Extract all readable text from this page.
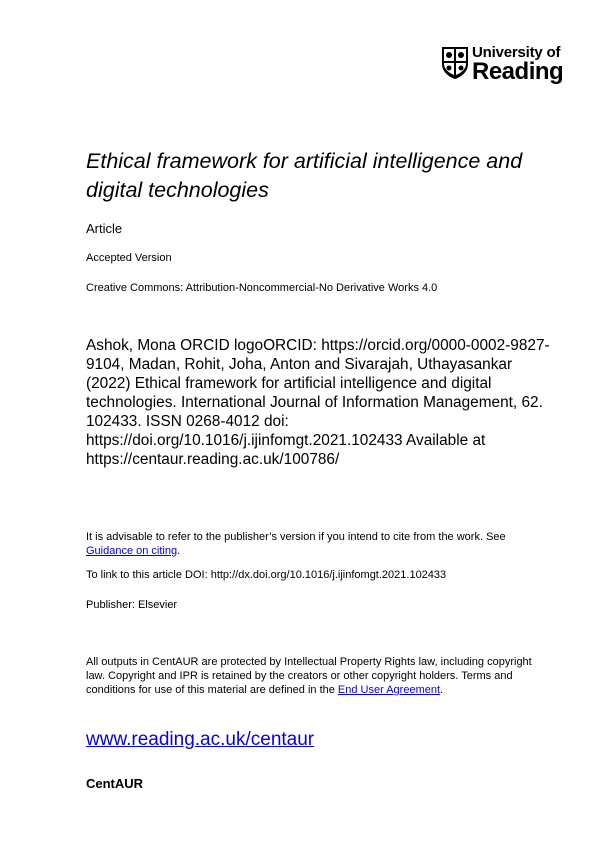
University of
Reading
Ethical framework for artificial intelligence and digital technologies
Article
Accepted Version
Creative Commons: Attribution-Noncommercial-No Derivative Works 4.0

Ashok, Mona ORCID logoORCID: https://orcid.org/0000-0002-9827-9104, Madan, Rohit, Joha, Anton and Sivarajah, Uthayasankar (2022) Ethical framework for artificial intelligence and digital technologies. International Journal of Information Management, 62. 102433. ISSN 0268-4012 doi: https://doi.org/10.1016/j.ijinfomgt.2021.102433 Available at https://centaur.reading.ac.uk/100786/

It is advisable to refer to the publisher’s version if you intend to cite from the work. See Guidance on citing.
To link to this article DOI: http://dx.doi.org/10.1016/j.ijinfomgt.2021.102433
Publisher: Elsevier
All outputs in CentAUR are protected by Intellectual Property Rights law, including copyright law. Copyright and IPR is retained by the creators or other copyright holders. Terms and conditions for use of this material are defined in the End User Agreement.
www.reading.ac.uk/centaur
CentAUR
